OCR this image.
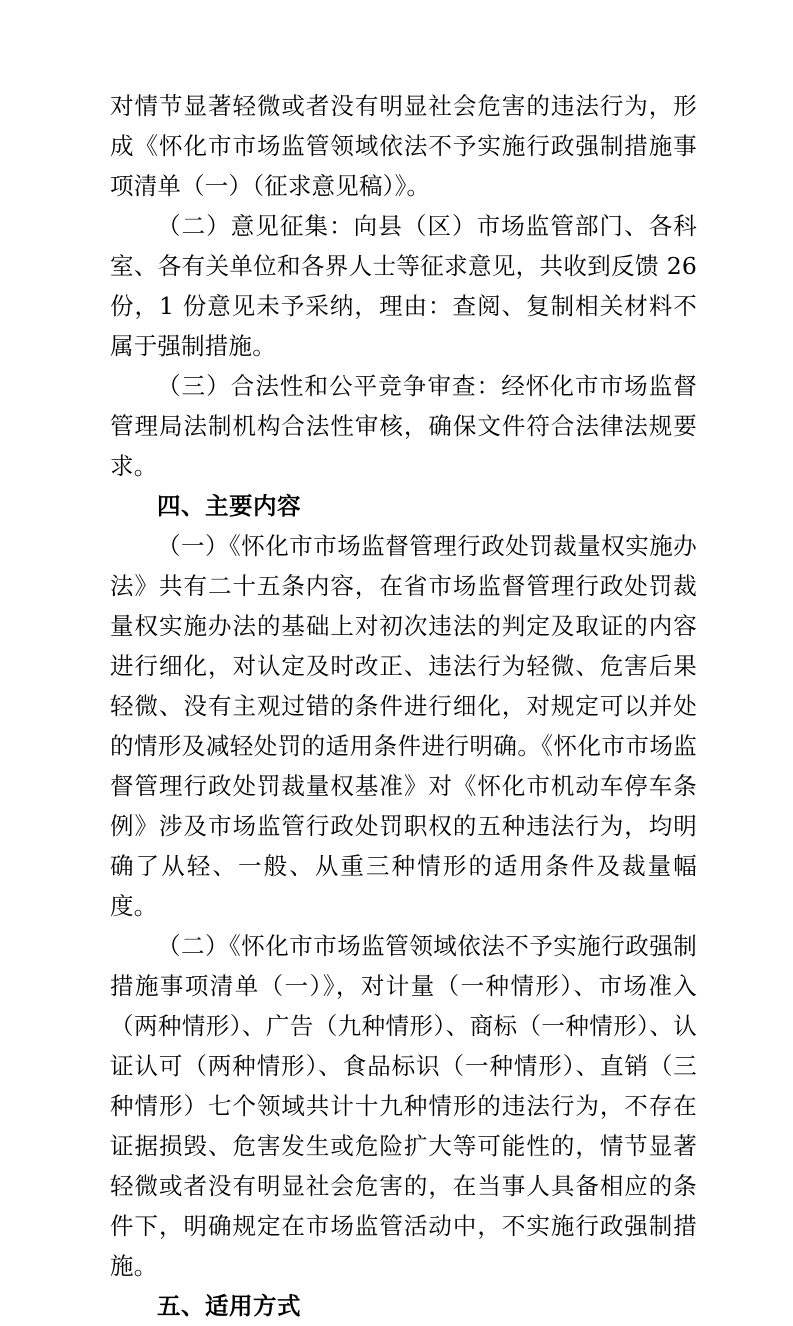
对情节显著轻微或者没有明显社会危害的违法行为，形成《怀化市市场监管领域依法不予实施行政强制措施事项清单（一）（征求意见稿）》。

（二）意见征集：向县（区）市场监管部门、各科室、各有关单位和各界人士等征求意见，共收到反馈 26 份，1 份意见未予采纳，理由：查阅、复制相关材料不属于强制措施。

（三）合法性和公平竞争审查：经怀化市市场监督管理局法制机构合法性审核，确保文件符合法律法规要求。

四、主要内容

（一）《怀化市市场监督管理行政处罚裁量权实施办法》共有二十五条内容，在省市场监督管理行政处罚裁量权实施办法的基础上对初次违法的判定及取证的内容进行细化，对认定及时改正、违法行为轻微、危害后果轻微、没有主观过错的条件进行细化，对规定可以并处的情形及减轻处罚的适用条件进行明确。《怀化市市场监督管理行政处罚裁量权基准》对《怀化市机动车停车条例》涉及市场监管行政处罚职权的五种违法行为，均明确了从轻、一般、从重三种情形的适用条件及裁量幅度。

（二）《怀化市市场监管领域依法不予实施行政强制措施事项清单（一）》，对计量（一种情形）、市场准入（两种情形）、广告（九种情形）、商标（一种情形）、认证认可（两种情形）、食品标识（一种情形）、直销（三种情形）七个领域共计十九种情形的违法行为，不存在证据损毁、危害发生或危险扩大等可能性的，情节显著轻微或者没有明显社会危害的，在当事人具备相应的条件下，明确规定在市场监管活动中，不实施行政强制措施。

五、适用方式
